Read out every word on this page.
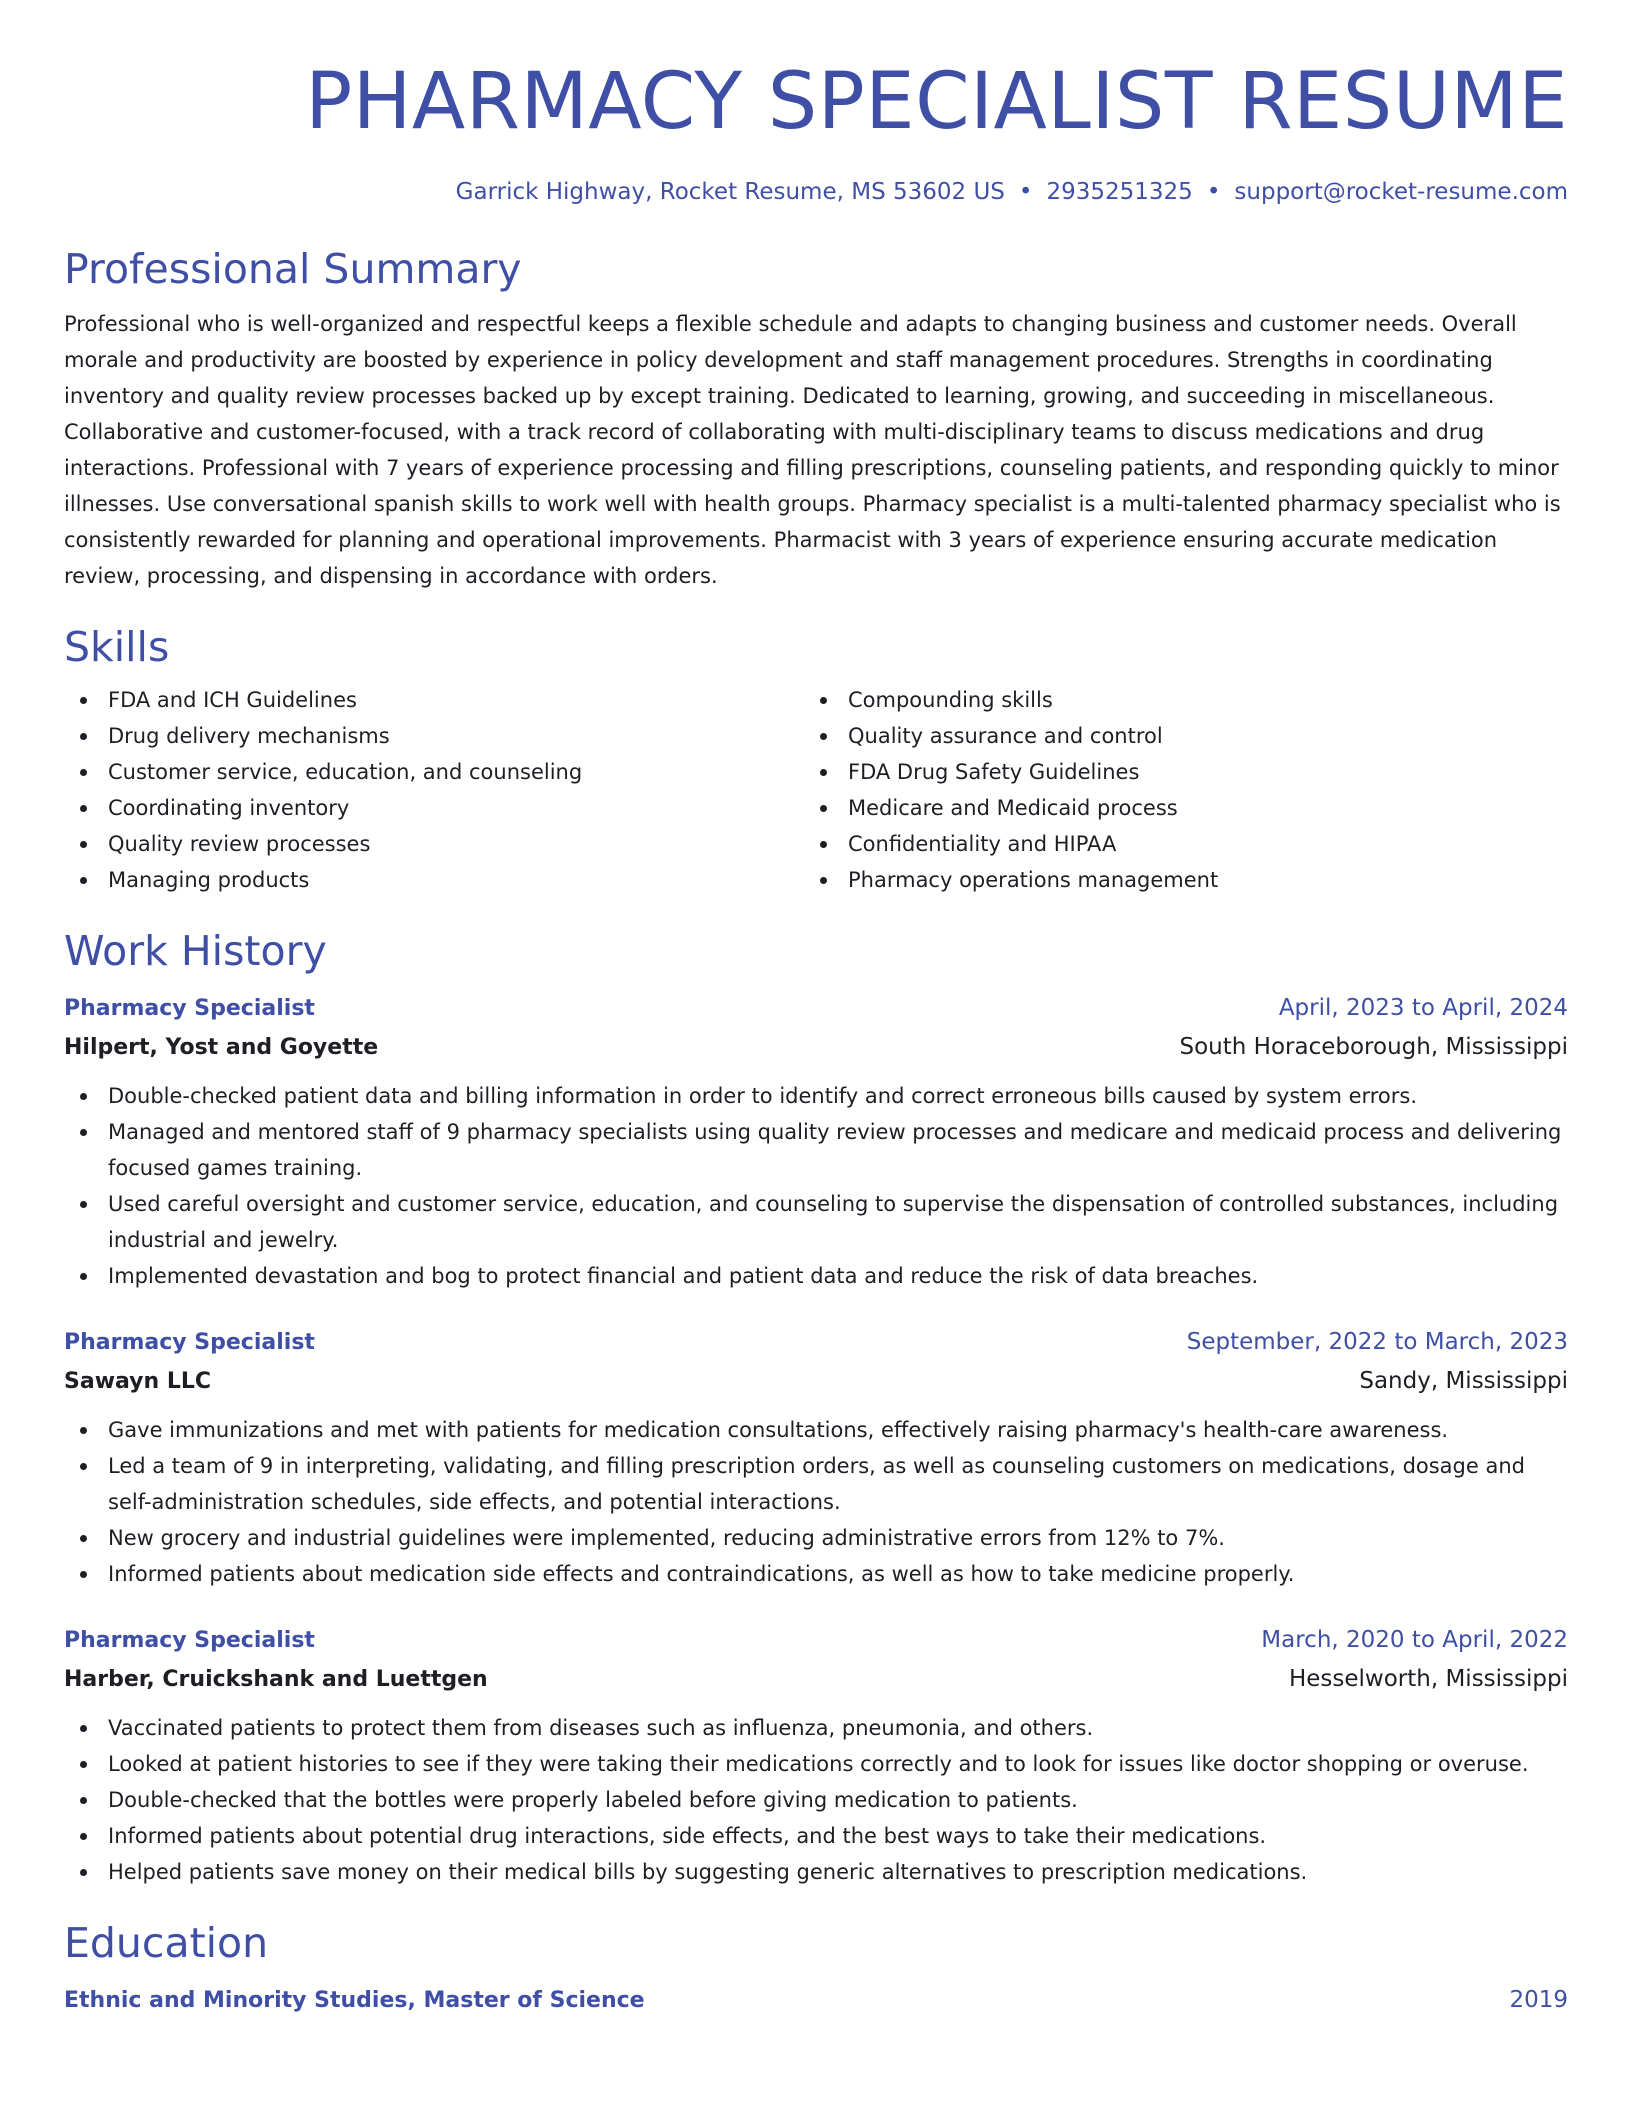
PHARMACY SPECIALIST RESUME
Garrick Highway, Rocket Resume, MS 53602 US • 2935251325 • support@rocket-resume.com
Professional Summary

Professional who is well-organized and respectful keeps a flexible schedule and adapts to changing business and customer needs. Overall morale and productivity are boosted by experience in policy development and staff management procedures. Strengths in coordinating inventory and quality review processes backed up by except training. Dedicated to learning, growing, and succeeding in miscellaneous. Collaborative and customer-focused, with a track record of collaborating with multi-disciplinary teams to discuss medications and drug interactions. Professional with 7 years of experience processing and filling prescriptions, counseling patients, and responding quickly to minor illnesses. Use conversational spanish skills to work well with health groups. Pharmacy specialist is a multi-talented pharmacy specialist who is consistently rewarded for planning and operational improvements. Pharmacist with 3 years of experience ensuring accurate medication review, processing, and dispensing in accordance with orders.

Skills
FDA and ICH Guidelines
Drug delivery mechanisms
Customer service, education, and counseling
Coordinating inventory
Quality review processes
Managing products
Compounding skills
Quality assurance and control
FDA Drug Safety Guidelines
Medicare and Medicaid process
Confidentiality and HIPAA
Pharmacy operations management
Work History
Pharmacy Specialist	April, 2023 to April, 2024
Hilpert, Yost and Goyette	South Horaceborough, Mississippi
Double-checked patient data and billing information in order to identify and correct erroneous bills caused by system errors.
Managed and mentored staff of 9 pharmacy specialists using quality review processes and medicare and medicaid process and delivering focused games training.
Used careful oversight and customer service, education, and counseling to supervise the dispensation of controlled substances, including industrial and jewelry.
Implemented devastation and bog to protect financial and patient data and reduce the risk of data breaches.
Pharmacy Specialist	September, 2022 to March, 2023
Sawayn LLC	Sandy, Mississippi
Gave immunizations and met with patients for medication consultations, effectively raising pharmacy's health-care awareness.
Led a team of 9 in interpreting, validating, and filling prescription orders, as well as counseling customers on medications, dosage and self-administration schedules, side effects, and potential interactions.
New grocery and industrial guidelines were implemented, reducing administrative errors from 12% to 7%.
Informed patients about medication side effects and contraindications, as well as how to take medicine properly.
Pharmacy Specialist	March, 2020 to April, 2022
Harber, Cruickshank and Luettgen	Hesselworth, Mississippi
Vaccinated patients to protect them from diseases such as influenza, pneumonia, and others.
Looked at patient histories to see if they were taking their medications correctly and to look for issues like doctor shopping or overuse.
Double-checked that the bottles were properly labeled before giving medication to patients.
Informed patients about potential drug interactions, side effects, and the best ways to take their medications.
Helped patients save money on their medical bills by suggesting generic alternatives to prescription medications.
Education
Ethnic and Minority Studies, Master of Science	2019
